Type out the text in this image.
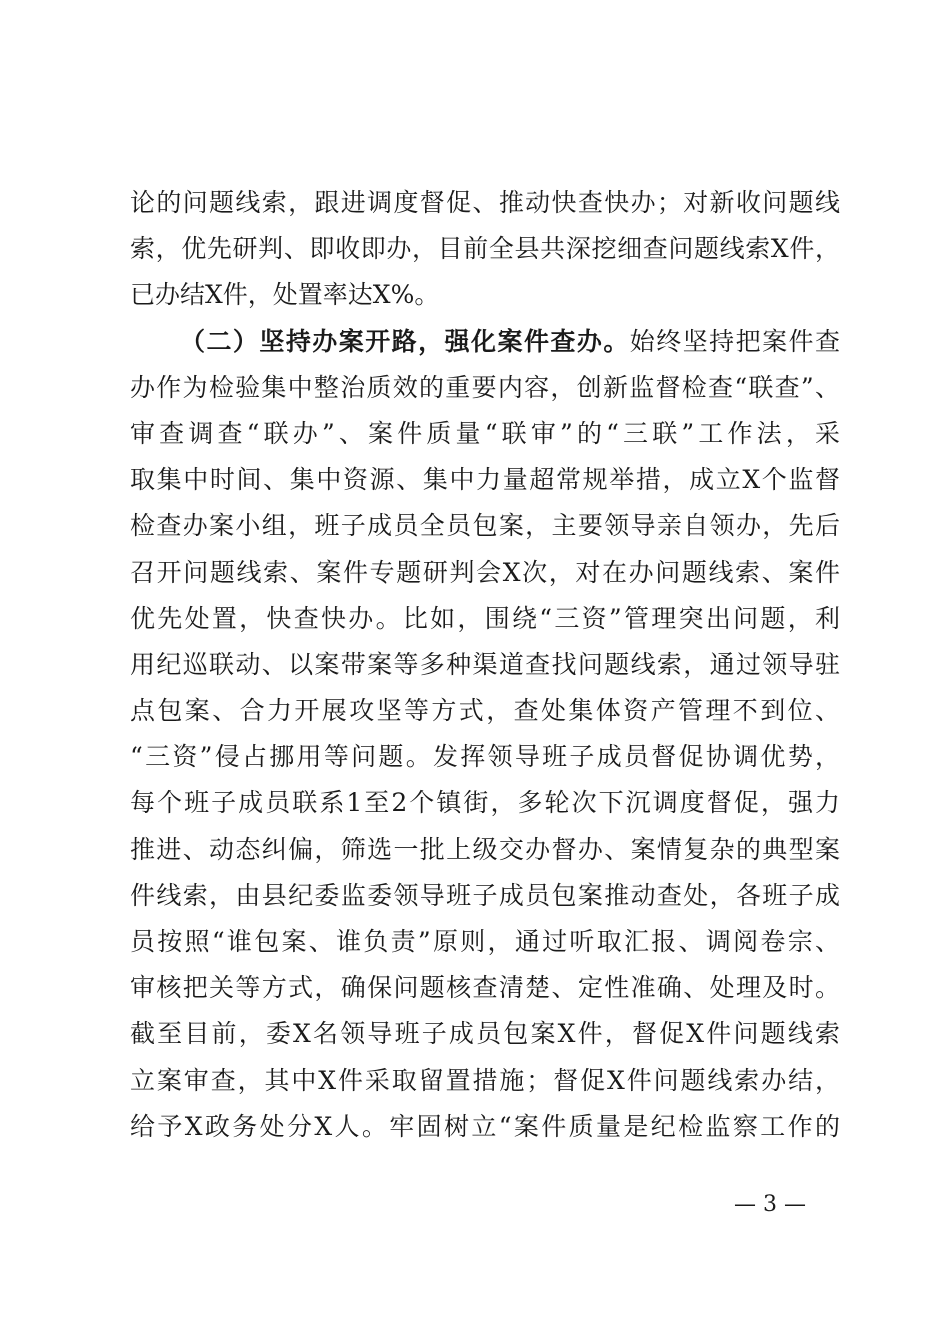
论的问题线索，跟进调度督促、推动快查快办；对新收问题线
索，优先研判、即收即办，目前全县共深挖细查问题线索X件，
已办结X件，处置率达X%。
（二）坚持办案开路，强化案件查办。始终坚持把案件查
办作为检验集中整治质效的重要内容，创新监督检查“联查”、
审查调查“联办”、案件质量“联审”的“三联”工作法，采
取集中时间、集中资源、集中力量超常规举措，成立X个监督
检查办案小组，班子成员全员包案，主要领导亲自领办，先后
召开问题线索、案件专题研判会X次，对在办问题线索、案件
优先处置，快查快办。比如，围绕“三资”管理突出问题，利
用纪巡联动、以案带案等多种渠道查找问题线索，通过领导驻
点包案、合力开展攻坚等方式，查处集体资产管理不到位、
“三资”侵占挪用等问题。发挥领导班子成员督促协调优势，
每个班子成员联系1至2个镇街，多轮次下沉调度督促，强力
推进、动态纠偏，筛选一批上级交办督办、案情复杂的典型案
件线索，由县纪委监委领导班子成员包案推动查处，各班子成
员按照“谁包案、谁负责”原则，通过听取汇报、调阅卷宗、
审核把关等方式，确保问题核查清楚、定性准确、处理及时。
截至目前，委X名领导班子成员包案X件，督促X件问题线索
立案审查，其中X件采取留置措施；督促X件问题线索办结，
给予X政务处分X人。牢固树立“案件质量是纪检监察工作的
— 3 —
